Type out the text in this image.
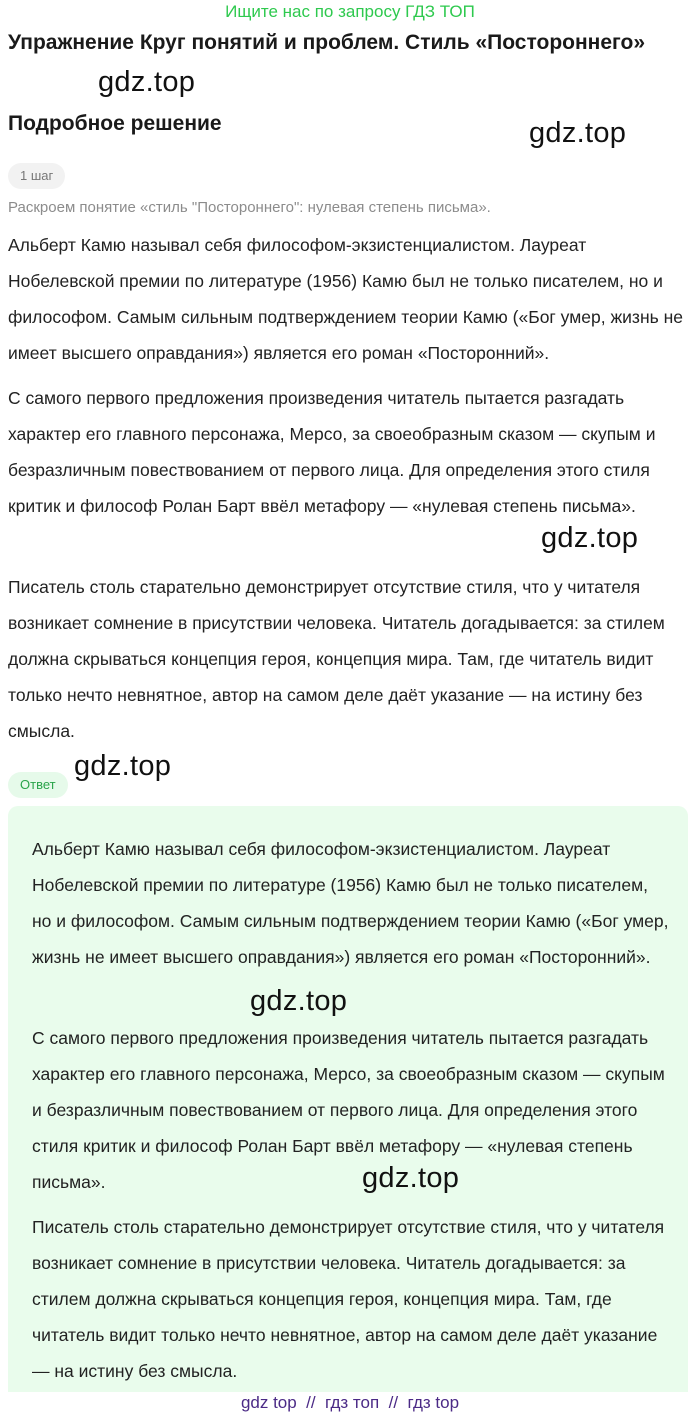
Ищите нас по запросу ГДЗ ТОП
Упражнение Круг понятий и проблем. Стиль «Постороннего»
gdz.top
Подробное решение	gdz.top
1 шаг
Раскроем понятие «стиль "Постороннего": нулевая степень письма».

Альберт Камю называл себя философом-экзистенциалистом. Лауреат Нобелевской премии по литературе (1956) Камю был не только писателем, но и философом. Самым сильным подтверждением теории Камю («Бог умер, жизнь не имеет высшего оправдания») является его роман «Посторонний».

С самого первого предложения произведения читатель пытается разгадать характер его главного персонажа, Мерсо, за своеобразным сказом — скупым и безразличным повествованием от первого лица. Для определения этого стиля критик и философ Ролан Барт ввёл метафору — «нулевая степень письма».

gdz.top

Писатель столь старательно демонстрирует отсутствие стиля, что у читателя возникает сомнение в присутствии человека. Читатель догадывается: за стилем должна скрываться концепция героя, концепция мира. Там, где читатель видит только нечто невнятное, автор на самом деле даёт указание — на истину без смысла.

gdz.top
Ответ

Альберт Камю называл себя философом-экзистенциалистом. Лауреат Нобелевской премии по литературе (1956) Камю был не только писателем, но и философом. Самым сильным подтверждением теории Камю («Бог умер, жизнь не имеет высшего оправдания») является его роман «Посторонний».

gdz.top

С самого первого предложения произведения читатель пытается разгадать характер его главного персонажа, Мерсо, за своеобразным сказом — скупым и безразличным повествованием от первого лица. Для определения этого стиля критик и философ Ролан Барт ввёл метафору — «нулевая степень письма».	gdz.top

Писатель столь старательно демонстрирует отсутствие стиля, что у читателя возникает сомнение в присутствии человека. Читатель догадывается: за стилем должна скрываться концепция героя, концепция мира. Там, где читатель видит только нечто невнятное, автор на самом деле даёт указание — на истину без смысла.

gdz top  //  гдз топ  //  гдз top
